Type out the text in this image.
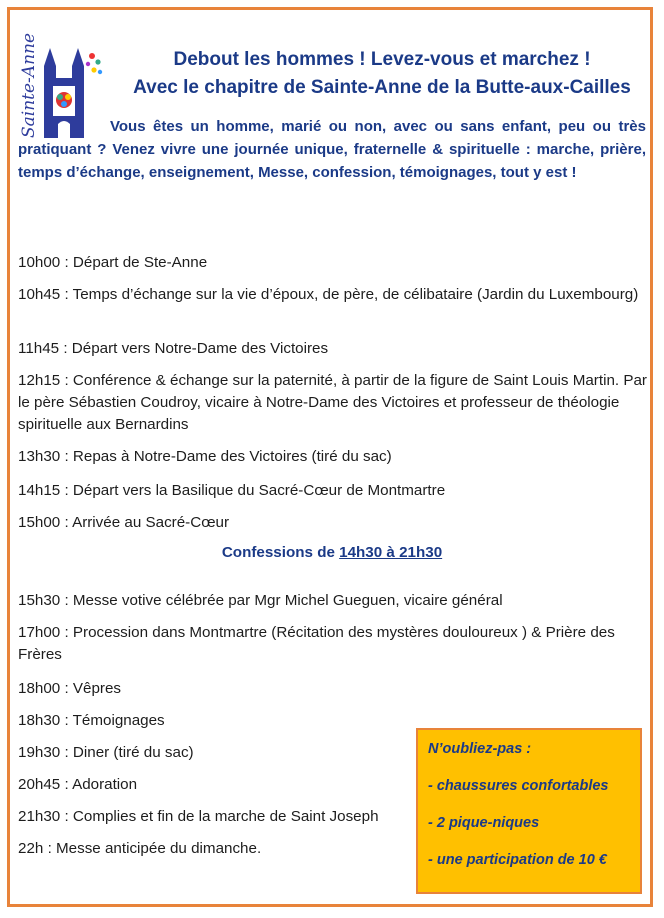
Sainte-Anne	Debout les hommes ! Levez-vous et marchez !
Avec le chapitre de Sainte-Anne de la Butte-aux-Cailles

Vous êtes un homme, marié ou non, avec ou sans enfant, peu ou très pratiquant ? Venez vivre une journée unique, fraternelle & spirituelle : marche, prière, temps d’échange, enseignement, Messe, confession, témoignages, tout y est !

10h00 : Départ de Ste-Anne

10h45 : Temps d’échange sur la vie d’époux, de père, de célibataire (Jardin du Luxembourg)

11h45 : Départ vers Notre-Dame des Victoires

12h15 : Conférence & échange sur la paternité, à partir de la figure de Saint Louis Martin. Par le père Sébastien Coudroy, vicaire à Notre-Dame des Victoires et professeur de théologie spirituelle aux Bernardins

13h30 : Repas à Notre-Dame des Victoires (tiré du sac)

14h15 : Départ vers la Basilique du Sacré-Cœur de Montmartre

15h00 : Arrivée au Sacré-Cœur

Confessions de 14h30 à 21h30

15h30 : Messe votive célébrée par Mgr Michel Gueguen, vicaire général

17h00 : Procession dans Montmartre (Récitation des mystères douloureux ) & Prière des Frères

18h00 : Vêpres

18h30 : Témoignages

19h30 : Diner (tiré du sac)

20h45 : Adoration

21h30 : Complies et fin de la marche de Saint Joseph

22h : Messe anticipée du dimanche.

N’oubliez-pas :

- chaussures confortables

- 2 pique-niques

- une participation de 10 €
